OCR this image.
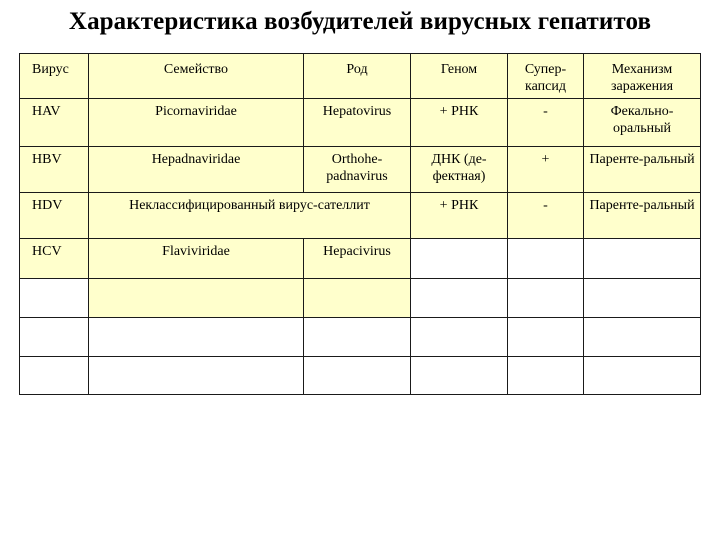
Характеристика возбудителей вирусных гепатитов
Вирус	Семейство	Род	Геном	Супер-капсид	Механизм заражения
HAV	Picornaviridae	Hepatovirus	+ РНК	-	Фекально-оральный
HBV	Hepadnaviridae	Orthohe-padnavirus	ДНК (де-фектная)	+	Паренте-ральный
HDV	Неклассифицированный вирус-сателлит		+ РНК	-	Паренте-ральный
HCV	Flaviviridae	Hepacivirus			
